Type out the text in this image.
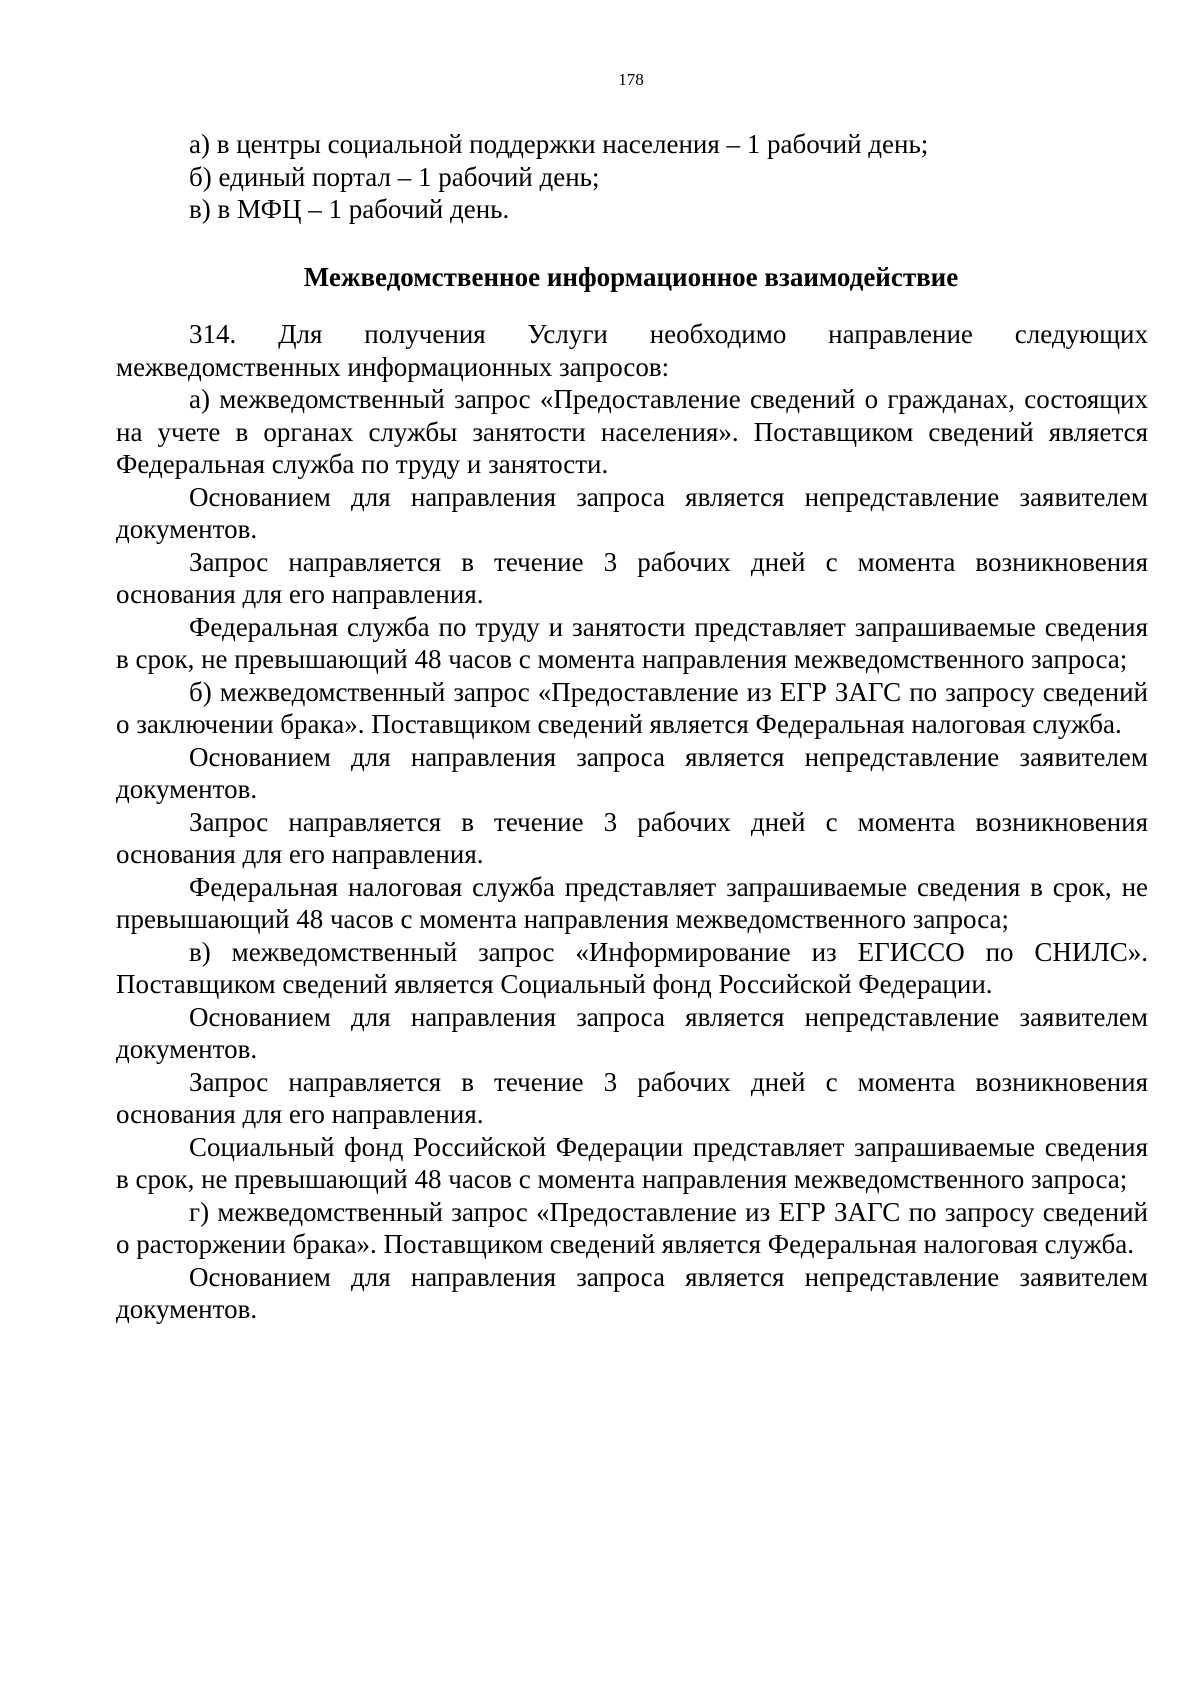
178
а) в центры социальной поддержки населения – 1 рабочий день;
б) единый портал – 1 рабочий день;
в) в МФЦ – 1 рабочий день.
Межведомственное информационное взаимодействие

314. Для получения Услуги необходимо направление следующих межведомственных информационных запросов:

а) межведомственный запрос «Предоставление сведений о гражданах, состоящих на учете в органах службы занятости населения». Поставщиком сведений является Федеральная служба по труду и занятости.

Основанием для направления запроса является непредставление заявителем документов.

Запрос направляется в течение 3 рабочих дней с момента возникновения основания для его направления.

Федеральная служба по труду и занятости представляет запрашиваемые сведения в срок, не превышающий 48 часов с момента направления межведомственного запроса;

б) межведомственный запрос «Предоставление из ЕГР ЗАГС по запросу сведений о заключении брака». Поставщиком сведений является Федеральная налоговая служба.

Основанием для направления запроса является непредставление заявителем документов.

Запрос направляется в течение 3 рабочих дней с момента возникновения основания для его направления.

Федеральная налоговая служба представляет запрашиваемые сведения в срок, не превышающий 48 часов с момента направления межведомственного запроса;

в) межведомственный запрос «Информирование из ЕГИССО по СНИЛС». Поставщиком сведений является Социальный фонд Российской Федерации.

Основанием для направления запроса является непредставление заявителем документов.

Запрос направляется в течение 3 рабочих дней с момента возникновения основания для его направления.

Социальный фонд Российской Федерации представляет запрашиваемые сведения в срок, не превышающий 48 часов с момента направления межведомственного запроса;

г) межведомственный запрос «Предоставление из ЕГР ЗАГС по запросу сведений о расторжении брака». Поставщиком сведений является Федеральная налоговая служба.

Основанием для направления запроса является непредставление заявителем документов.
